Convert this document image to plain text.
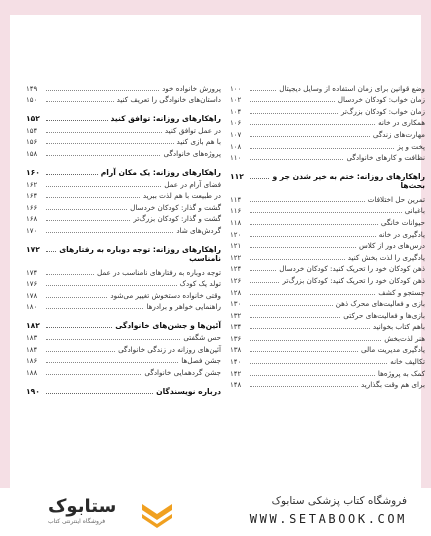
وضع قوانین برای زمان استفاده از وسایل دیجیتال
۱۰۰
زمان خواب: کودکان خردسال
۱۰۲
زمان خواب: کودکان بزرگ‌تر
۱۰۴
همکاری در خانه
۱۰۶
مهارت‌های زندگی
۱۰۷
پخت و پز
۱۰۸
نظافت و کارهای خانوادگی
۱۱۰
راهکارهای روزانه: ختم به خیر شدن جر و
۱۱۲
بحث‌ها
تمرین حل اختلافات
۱۱۴
باغبانی
۱۱۶
حیوانات خانگی
۱۱۸
یادگیری در خانه
۱۲۰
درس‌های دور از کلاس
۱۲۱
یادگیری را لذت بخش کنید
۱۲۲
ذهن کودکان خود را تحریک کنید: کودکان خردسال
۱۲۴
ذهن کودکان خود را تحریک کنید: کودکان بزرگ‌تر
۱۲۶
جستجو و کشف
۱۲۸
بازی و فعالیت‌های محرک ذهن
۱۳۰
بازی‌ها و فعالیت‌های حرکتی
۱۳۲
باهم کتاب بخوانید
۱۳۴
هنر لذت‌بخش
۱۳۶
یادگیری مدیریت مالی
۱۳۸
تکالیف خانه
۱۴۰
کمک به پروژه‌ها
۱۴۲
برای هم وقت بگذارید
۱۴۸
پرورش خانواده خود
۱۴۹
داستان‌های خانوادگی را تعریف کنید
۱۵۰
راهکارهای روزانه: توافق کنید
۱۵۲
در عمل توافق کنید
۱۵۴
با هم بازی کنید
۱۵۶
پروژه‌های خانوادگی
۱۵۸
راهکارهای روزانه: یک مکان آرام
۱۶۰
فضای آرام در عمل
۱۶۲
در طبیعت با هم لذت ببرید
۱۶۴
گشت و گذار: کودکان خردسال
۱۶۶
گشت و گذار: کودکان بزرگ‌تر
۱۶۸
گردش‌های شاد
۱۷۰
راهکارهای روزانه: توجه دوباره به رفتارهای
۱۷۲
نامناسب
توجه دوباره به رفتارهای نامناسب در عمل
۱۷۴
تولد یک کودک
۱۷۶
وقتی خانواده دستخوش تغییر می‌شود
۱۷۸
راهنمایی خواهر و برادرها
۱۸۰
آئین‌ها و جشن‌های خانوادگی
۱۸۲
حس شگفتی
۱۸۳
آئین‌های روزانه در زندگی خانوادگی
۱۸۴
جشن فصل‌ها
۱۸۶
جشن گردهمایی خانوادگی
۱۸۸
درباره نویسندگان
۱۹۰
ستابوک
فروشگاه اینترنتی کتاب
فروشگاه کتاب پزشکی ستابوک
WWW.SETABOOK.COM
